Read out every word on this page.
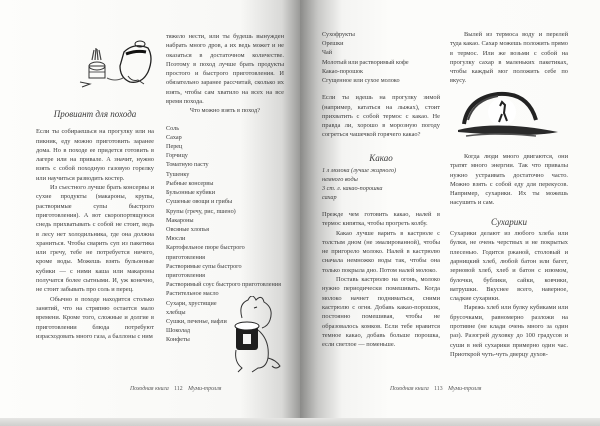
Провиант для похода

Если ты собираешься на прогулку или на пикник, еду можно приготовить заранее дома. Но в походе ее придется готовить в лагере или на привале. А значит, нужно взять с собой походную газовую горелку или научиться разводить костер.

Из съестного лучше брать консервы и сухие продукты (макароны, крупы, растворимые супы быстрого приготовления). А вот скоропортящуюся снедь прихватывать с собой не стоит, ведь в лесу нет холодильника, где она должна храниться. Чтобы сварить суп из пакетика или гречу, тебе не потребуется ничего, кроме воды. Можешь взять бульонные кубики — с ними каша или макароны получатся более сытными. И, уж конечно, не стоит забывать про соль и перец.

Обычно в походе находится столько занятий, что на стряпню остается мало времени. Кроме того, сложные и долгие в приготовлении блюда потребуют израсходовать много газа, а баллоны с ним

тяжело нести, или ты будешь вынужден набрать много дров, а их ведь может и не оказаться в достаточном количестве. Поэтому в поход лучше брать продукты простого и быстрого приготовления. И обязательно заранее рассчитай, сколько их взять, чтобы сам хватило на всех на все время похода.

Что можно взять в поход?

Соль
Сахар
Перец
Горчицу
Томатную пасту
Тушенку
Рыбные консервы
Бульонные кубики
Сушеные овощи и грибы
Крупы (гречу, рис, пшено)
Макароны
Овсяные хлопья
Мюсли
Картофельное пюре быстрого приготовления
Растворимые супы быстрого приготовления
Растворимый соус быстрого приготовления
Растительное масло
Сухари, хрустящие хлебцы
Сушки, печенье, вафли
Шоколад
Конфеты
Походная книга 112 Муми-тролля
Сухофрукты
Орешки
Чай
Молотый или растворимый кофе
Какао-порошок
Сгущенное или сухое молоко

Если ты идешь на прогулку зимой (например, кататься на лыжах), стоит прихватить с собой термос с какао. Не правда ли, хорошо в морозную погоду согреться чашечкой горячего какао?

Какао

1 л молока (лучше жирного)
немного воды
3 ст. л. какао-порошка
сахар

Прежде чем готовить какао, налей в термос кипятка, чтобы прогреть колбу.

Какао лучше варить в кастрюле с толстым дном (не эмалированной), чтобы не пригорело молоко. Налей в кастрюлю сначала немножко воды так, чтобы она только покрыла дно. Потом налей молоко.

Поставь кастрюлю на огонь, молоко нужно периодически помешивать. Когда молоко начнет подниматься, сними кастрюлю с огня. Добавь какао-порошок, постоянно помешивая, чтобы не образовалось комков. Если тебе нравится темное какао, добавь больше порошка, если светлое — поменьше.

Вылей из термоса воду и перелей туда какао. Сахар можешь положить прямо в термос. Или же возьми с собой на прогулку сахар в маленьких пакетиках, чтобы каждый мог положить себе по вкусу.

Когда люди много двигаются, они тратят много энергии. Так что привалы нужно устраивать достаточно часто. Можно взять с собой еду для перекусов. Например, сухарики. Их ты можешь насушить и сам.

Сухарики

Сухарики делают из любого хлеба или булки, не очень черствых и не покрытых плесенью. Годится ржаной, столовый и дарницкий хлеб, любой батон или багет, зерновой хлеб, хлеб и батон с изюмом, булочки, бублики, сайки, ковчики, ватрушки. Вкуснее всего, наверное, сладкие сухарики.

Нарежь хлеб или булку кубиками или брусочками, равномерно разложи на противне (не клади очень много за один раз). Разогрей духовку до 100 градусов и суши в ней сухарики примерно один час. Приоткрой чуть-чуть дверцу духов-

Походная книга 113 Муми-тролля
